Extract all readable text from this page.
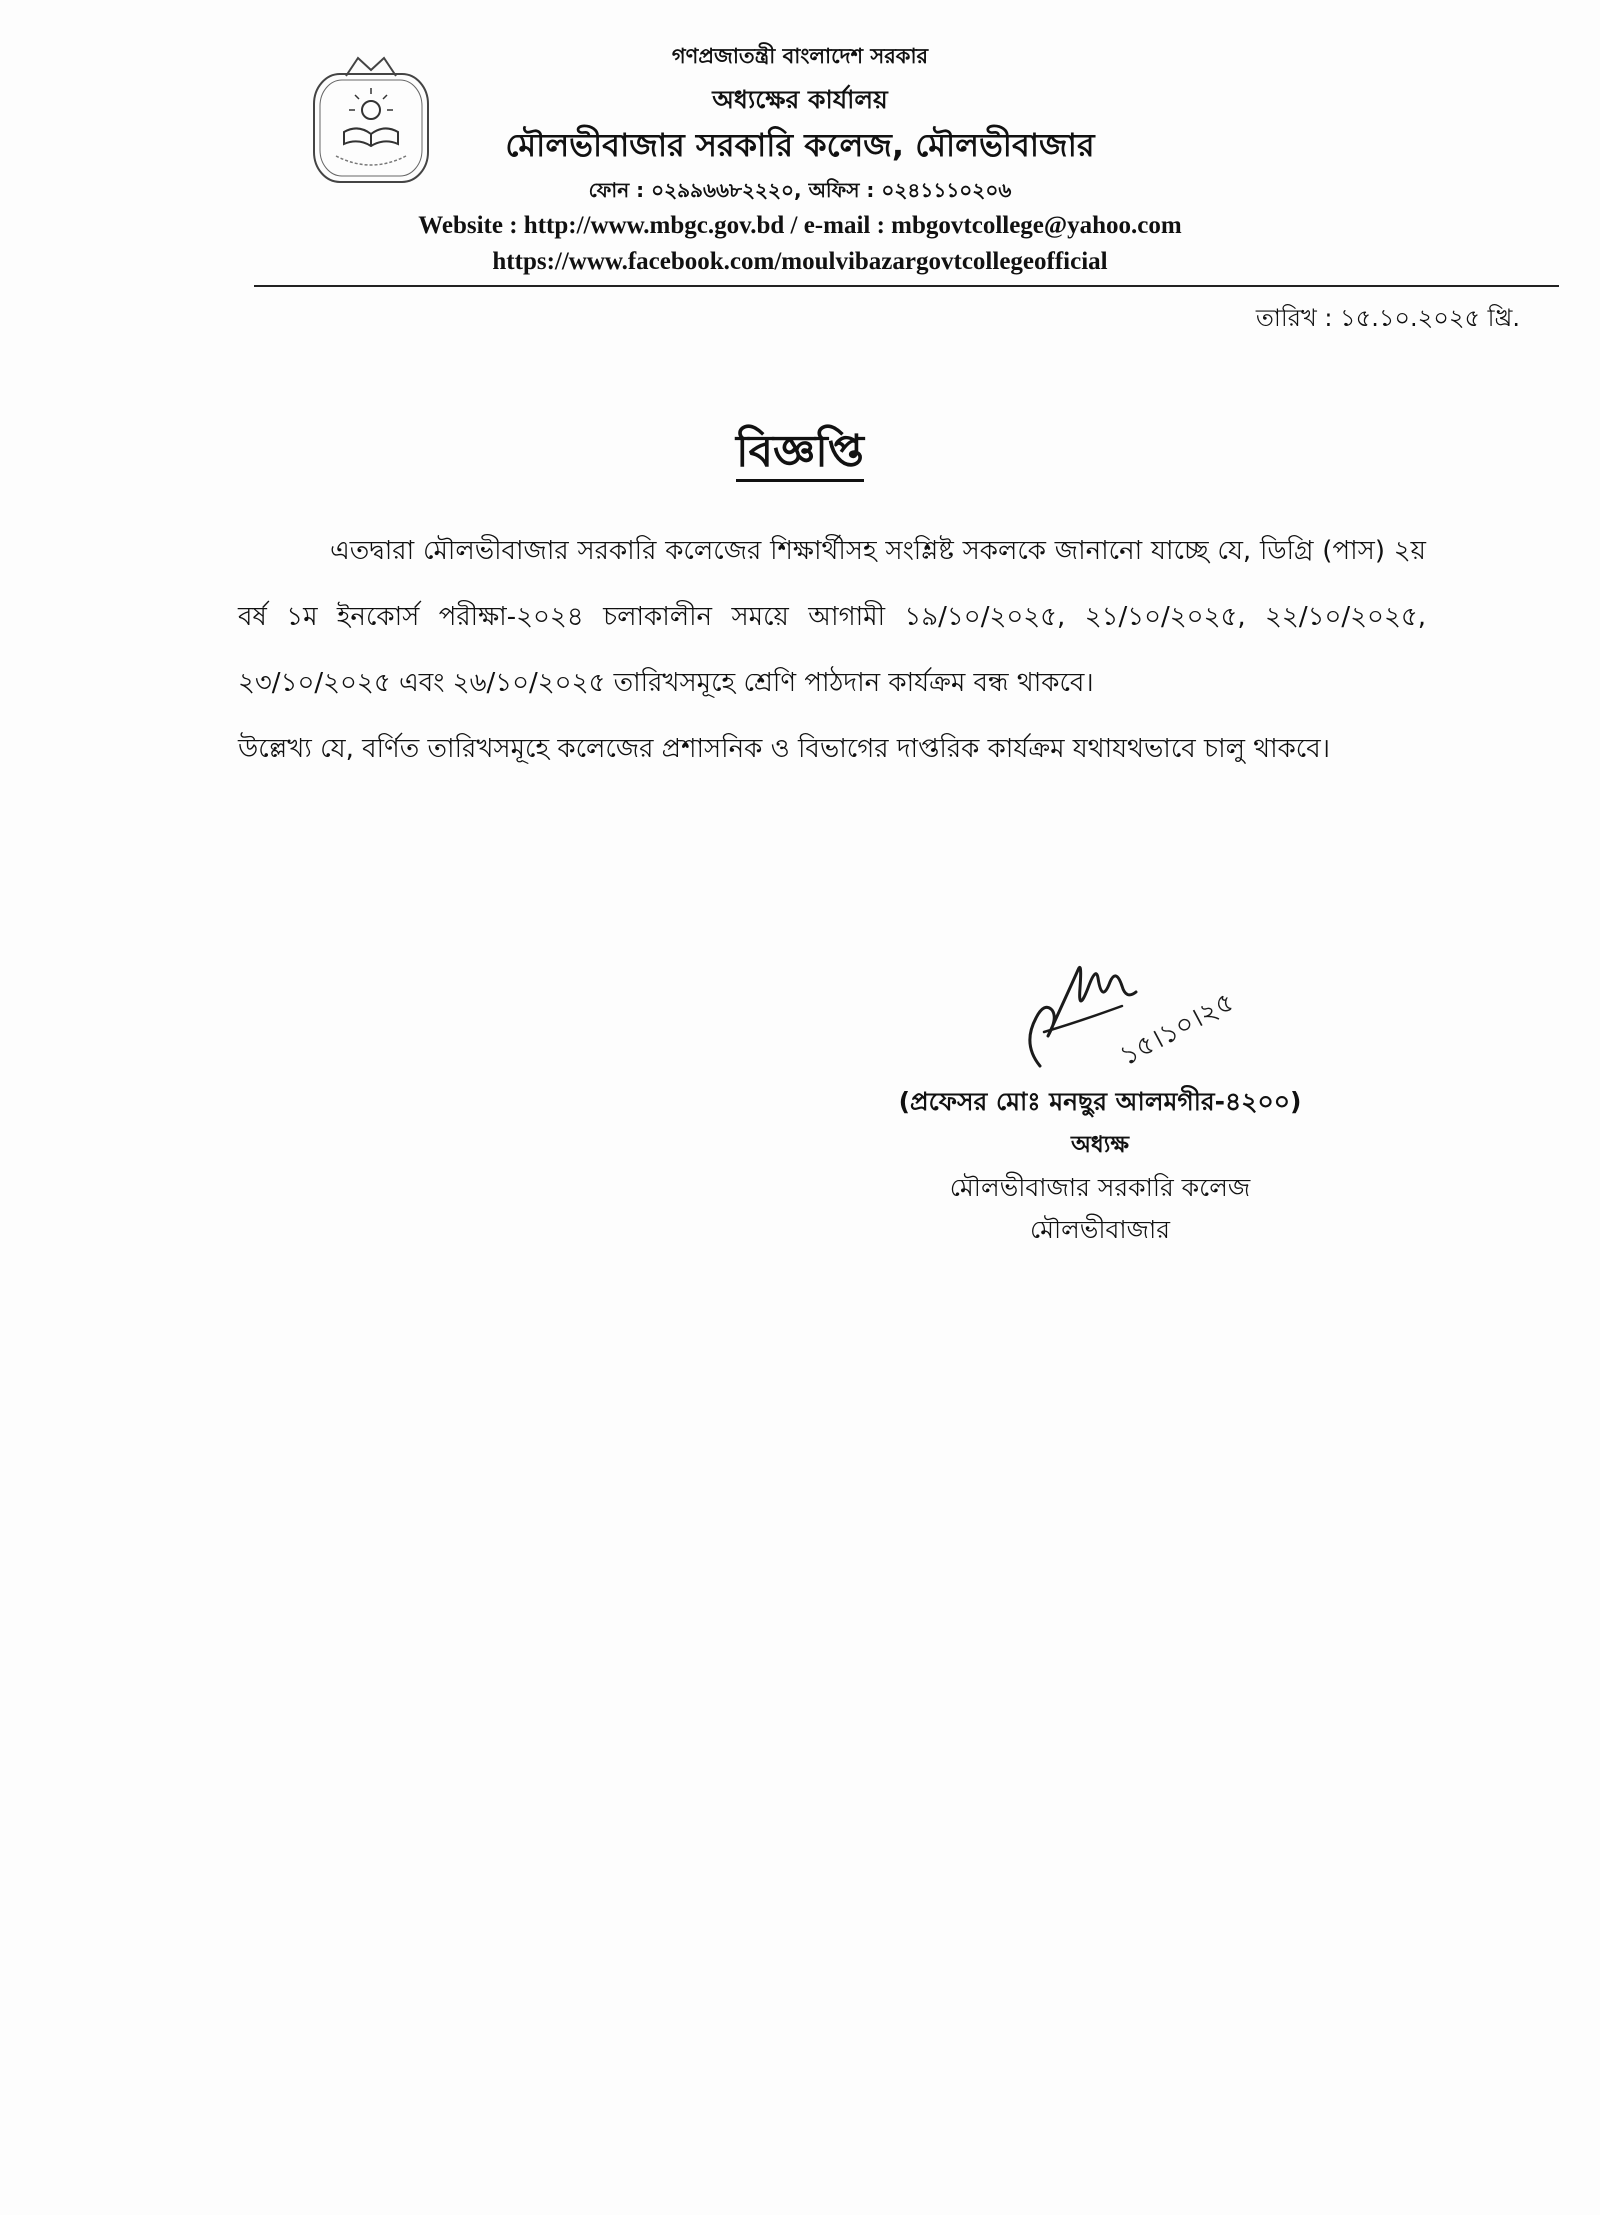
গণপ্রজাতন্ত্রী বাংলাদেশ সরকার
অধ্যক্ষের কার্যালয়
মৌলভীবাজার সরকারি কলেজ, মৌলভীবাজার
ফোন : ০২৯৯৬৬৮২২২০, অফিস : ০২৪১১১০২০৬
Website : http://www.mbgc.gov.bd / e-mail : mbgovtcollege@yahoo.com
https://www.facebook.com/moulvibazargovtcollegeofficial
তারিখ : ১৫.১০.২০২৫ খ্রি.
বিজ্ঞপ্তি

এতদ্বারা মৌলভীবাজার সরকারি কলেজের শিক্ষার্থীসহ সংশ্লিষ্ট সকলকে জানানো যাচ্ছে যে, ডিগ্রি (পাস) ২য় বর্ষ ১ম ইনকোর্স পরীক্ষা-২০২৪ চলাকালীন সময়ে আগামী ১৯/১০/২০২৫, ২১/১০/২০২৫, ২২/১০/২০২৫, ২৩/১০/২০২৫ এবং ২৬/১০/২০২৫ তারিখসমূহে শ্রেণি পাঠদান কার্যক্রম বন্ধ থাকবে।

উল্লেখ্য যে, বর্ণিত তারিখসমূহে কলেজের প্রশাসনিক ও বিভাগের দাপ্তরিক কার্যক্রম যথাযথভাবে চালু থাকবে।

১৫।১০।২৫
(প্রফেসর মোঃ মনছুর আলমগীর-৪২০০)
অধ্যক্ষ
মৌলভীবাজার সরকারি কলেজ
মৌলভীবাজার
